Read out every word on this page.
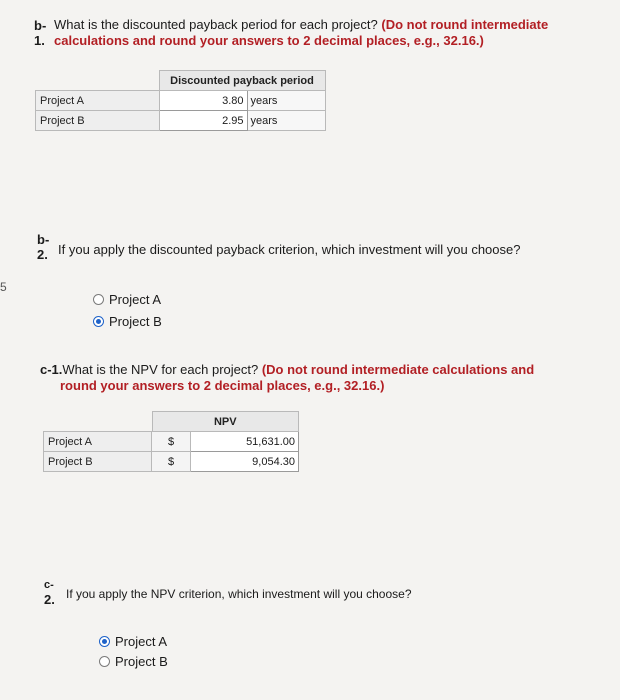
5
b-
1.
What is the discounted payback period for each project? (Do not round intermediate
calculations and round your answers to 2 decimal places, e.g., 32.16.)
	Discounted payback period	
Project A	3.80	years
Project B	2.95	years
b-
2. If you apply the discounted payback criterion, which investment will you choose?
Project A
Project B
c-1.What is the NPV for each project? (Do not round intermediate calculations and
round your answers to 2 decimal places, e.g., 32.16.)
		NPV	
Project A	$	51,631.00
Project B	$	9,054.30
c-
2. If you apply the NPV criterion, which investment will you choose?
Project A
Project B
